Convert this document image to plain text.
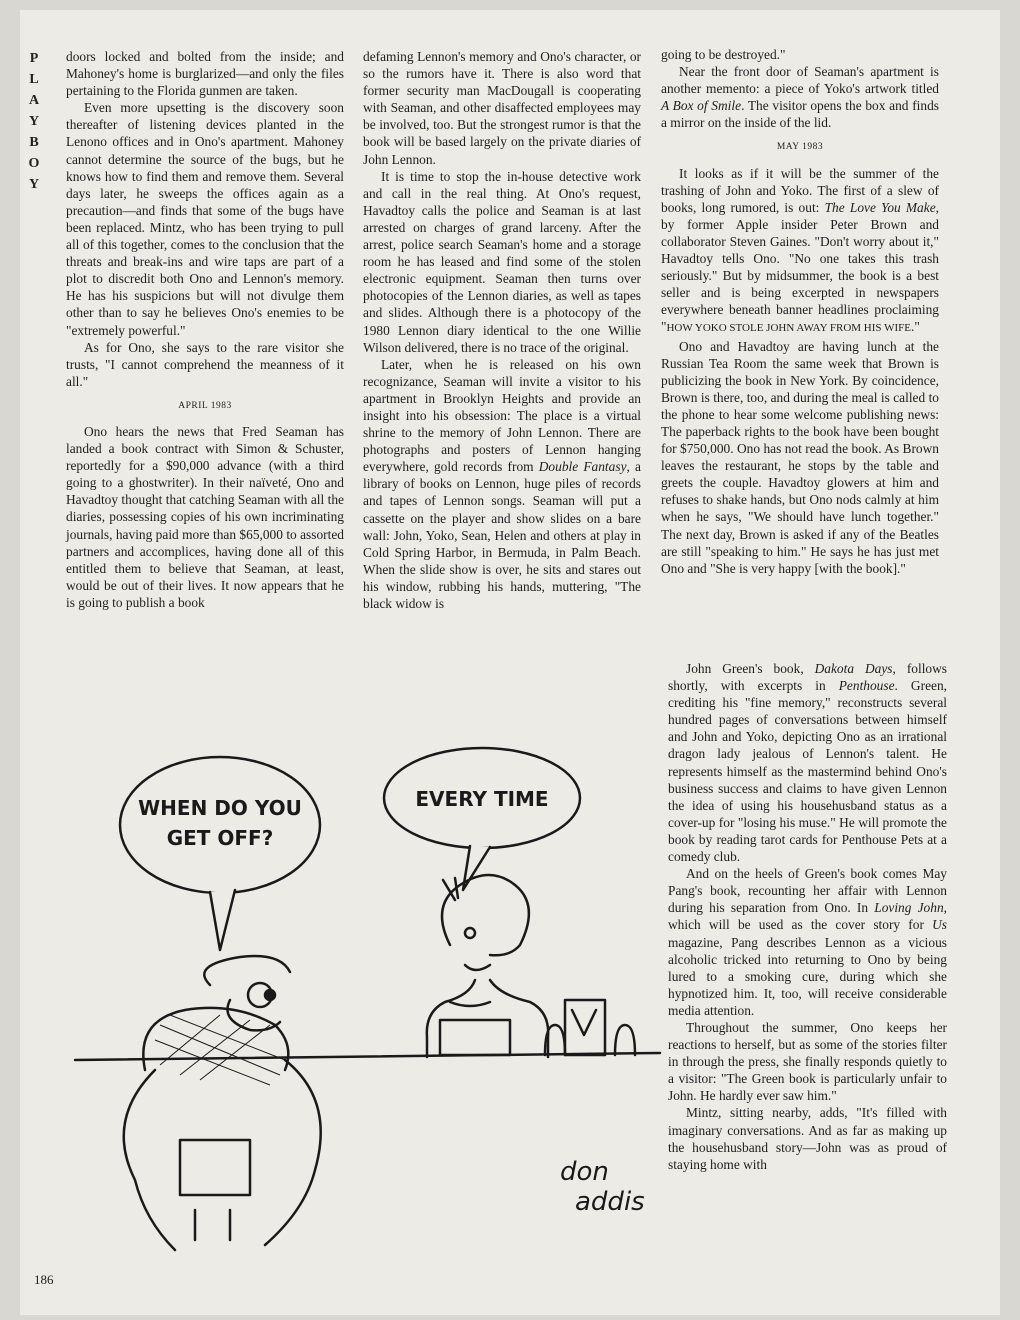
P
L
A
Y
B
O
Y

doors locked and bolted from the inside; and Mahoney's home is burglarized—and only the files pertaining to the Florida gunmen are taken.

Even more upsetting is the discovery soon thereafter of listening devices planted in the Lenono offices and in Ono's apartment. Mahoney cannot determine the source of the bugs, but he knows how to find them and remove them. Several days later, he sweeps the offices again as a precaution—and finds that some of the bugs have been replaced. Mintz, who has been trying to pull all of this together, comes to the conclusion that the threats and break-ins and wire taps are part of a plot to discredit both Ono and Lennon's memory. He has his suspicions but will not divulge them other than to say he believes Ono's enemies to be "extremely powerful."

As for Ono, she says to the rare visitor she trusts, "I cannot comprehend the meanness of it all."

APRIL 1983

Ono hears the news that Fred Seaman has landed a book contract with Simon & Schuster, reportedly for a $90,000 advance (with a third going to a ghostwriter). In their naïveté, Ono and Havadtoy thought that catching Seaman with all the diaries, possessing copies of his own incriminating journals, having paid more than $65,000 to assorted partners and accomplices, having done all of this entitled them to believe that Seaman, at least, would be out of their lives. It now appears that he is going to publish a book

defaming Lennon's memory and Ono's character, or so the rumors have it. There is also word that former security man MacDougall is cooperating with Seaman, and other disaffected employees may be involved, too. But the strongest rumor is that the book will be based largely on the private diaries of John Lennon.

It is time to stop the in-house detective work and call in the real thing. At Ono's request, Havadtoy calls the police and Seaman is at last arrested on charges of grand larceny. After the arrest, police search Seaman's home and a storage room he has leased and find some of the stolen electronic equipment. Seaman then turns over photocopies of the Lennon diaries, as well as tapes and slides. Although there is a photocopy of the 1980 Lennon diary identical to the one Willie Wilson delivered, there is no trace of the original.

Later, when he is released on his own recognizance, Seaman will invite a visitor to his apartment in Brooklyn Heights and provide an insight into his obsession: The place is a virtual shrine to the memory of John Lennon. There are photographs and posters of Lennon hanging everywhere, gold records from Double Fantasy, a library of books on Lennon, huge piles of records and tapes of Lennon songs. Seaman will put a cassette on the player and show slides on a bare wall: John, Yoko, Sean, Helen and others at play in Cold Spring Harbor, in Bermuda, in Palm Beach. When the slide show is over, he sits and stares out his window, rubbing his hands, muttering, "The black widow is

going to be destroyed."

Near the front door of Seaman's apartment is another memento: a piece of Yoko's artwork titled A Box of Smile. The visitor opens the box and finds a mirror on the inside of the lid.

MAY 1983

It looks as if it will be the summer of the trashing of John and Yoko. The first of a slew of books, long rumored, is out: The Love You Make, by former Apple insider Peter Brown and collaborator Steven Gaines. "Don't worry about it," Havadtoy tells Ono. "No one takes this trash seriously." But by midsummer, the book is a best seller and is being excerpted in newspapers everywhere beneath banner headlines proclaiming "HOW YOKO STOLE JOHN AWAY FROM HIS WIFE."

Ono and Havadtoy are having lunch at the Russian Tea Room the same week that Brown is publicizing the book in New York. By coincidence, Brown is there, too, and during the meal is called to the phone to hear some welcome publishing news: The paperback rights to the book have been bought for $750,000. Ono has not read the book. As Brown leaves the restaurant, he stops by the table and greets the couple. Havadtoy glowers at him and refuses to shake hands, but Ono nods calmly at him when he says, "We should have lunch together." The next day, Brown is asked if any of the Beatles are still "speaking to him." He says he has just met Ono and "She is very happy [with the book]."

John Green's book, Dakota Days, follows shortly, with excerpts in Penthouse. Green, crediting his "fine memory," reconstructs several hundred pages of conversations between himself and John and Yoko, depicting Ono as an irrational dragon lady jealous of Lennon's talent. He represents himself as the mastermind behind Ono's business success and claims to have given Lennon the idea of using his househusband status as a cover-up for "losing his muse." He will promote the book by reading tarot cards for Penthouse Pets at a comedy club.

And on the heels of Green's book comes May Pang's book, recounting her affair with Lennon during his separation from Ono. In Loving John, which will be used as the cover story for Us magazine, Pang describes Lennon as a vicious alcoholic tricked into returning to Ono by being lured to a smoking cure, during which she hypnotized him. It, too, will receive considerable media attention.

Throughout the summer, Ono keeps her reactions to herself, but as some of the stories filter in through the press, she finally responds quietly to a visitor: "The Green book is particularly unfair to John. He hardly ever saw him."

Mintz, sitting nearby, adds, "It's filled with imaginary conversations. And as far as making up the househusband story—John was as proud of staying home with

WHEN DO YOU
GET OFF?
EVERY TIME
don
addis
186
